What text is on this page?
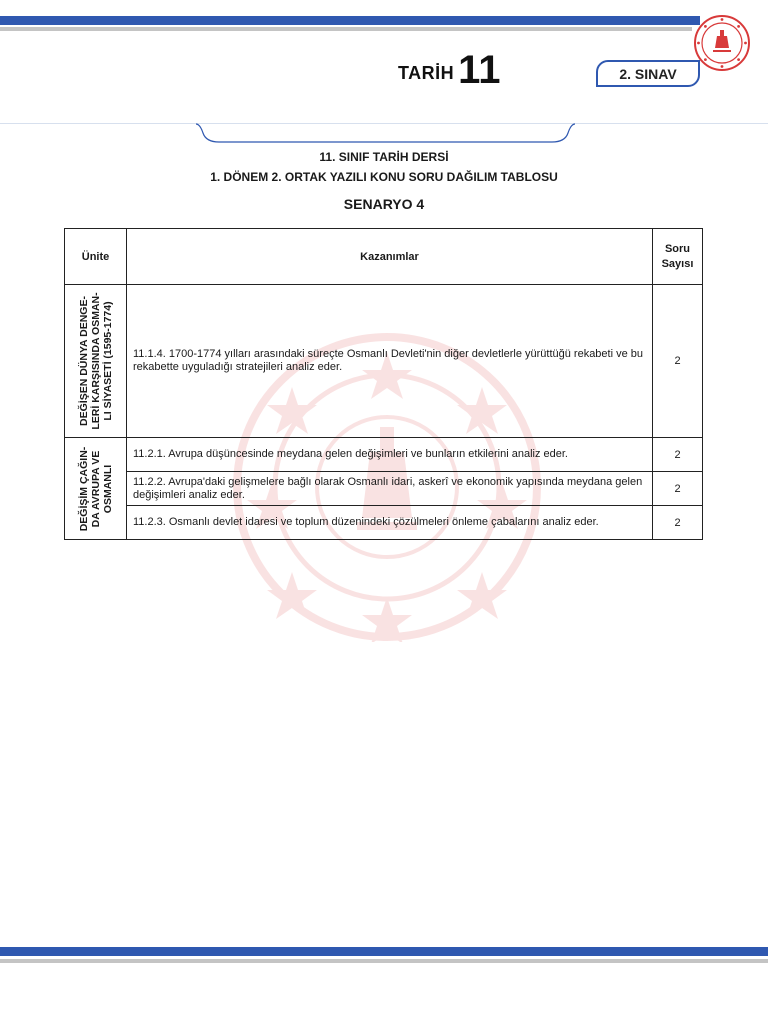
TARİH 11	2. SINAV
11. SINIF TARİH DERSİ
1. DÖNEM 2. ORTAK YAZILI KONU SORU DAĞILIM TABLOSU
SENARYO 4
Ünite	Kazanımlar	Soru
Sayısı

DEĞİŞEN DÜNYA DENGE-
LERİ KARŞISINDA OSMAN-
LI SİYASETİ (1595-1774)	11.1.4. 1700-1774 yılları arasındaki süreçte Osmanlı Devleti'nin diğer devletlerle yürüttüğü rekabeti ve bu rekabette uyguladığı stratejileri analiz eder.	2

DEĞİŞİM ÇAĞIN-
DA AVRUPA VE
OSMANLI	11.2.1. Avrupa düşüncesinde meydana gelen değişimleri ve bunların etkilerini analiz eder.	2
	11.2.2. Avrupa'daki gelişmelere bağlı olarak Osmanlı idari, askerî ve ekonomik yapısında meydana gelen değişimleri analiz eder.	2
	11.2.3. Osmanlı devlet idaresi ve toplum düzenindeki çözülmeleri önleme çabalarını analiz eder.	2
